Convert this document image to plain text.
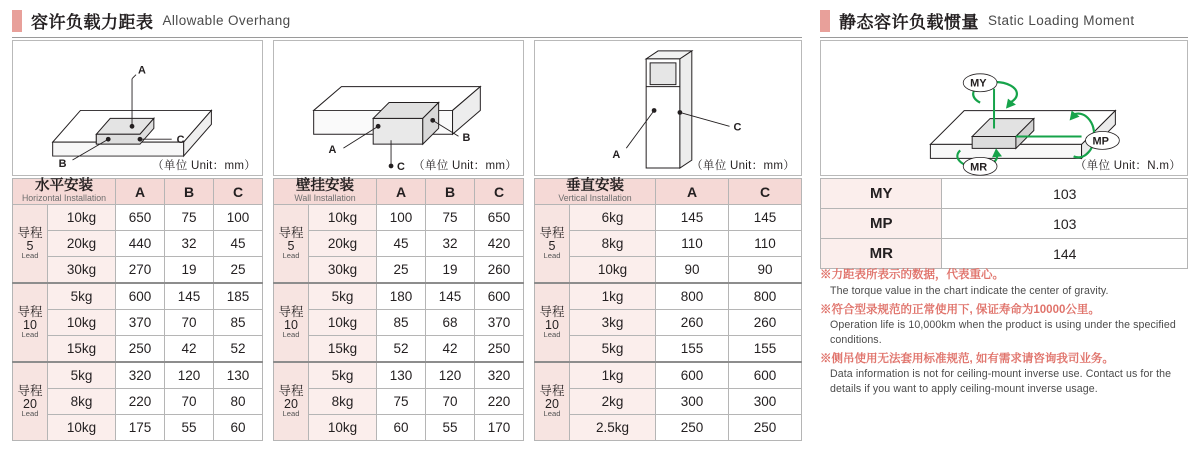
容许负载力距表 Allowable Overhang	静态容许负载惯量 Static Loading Moment
A
B
C
（单位 Unit：mm）
A
C
B
（单位 Unit：mm）
A
C
（单位 Unit：mm）
MY
MP
MR	（单位 Unit：N.m）
水平安装
Horizontal Installation		A	B	C
导程
5
Lead	10kg	650	75	100
	20kg	440	32	45
	30kg	270	19	25
导程
10
Lead	5kg	600	145	185
	10kg	370	70	85
	15kg	250	42	52
导程
20
Lead	5kg	320	120	130
	8kg	220	70	80
	10kg	175	55	60
壁挂安装
Wall Installation		A	B	C
导程
5
Lead	10kg	100	75	650
	20kg	45	32	420
	30kg	25	19	260
导程
10
Lead	5kg	180	145	600
	10kg	85	68	370
	15kg	52	42	250
导程
20
Lead	5kg	130	120	320
	8kg	75	70	220
	10kg	60	55	170
垂直安装
Vertical Installation		A	C
导程
5
Lead	6kg	145	145
	8kg	110	110
	10kg	90	90
导程
10
Lead	1kg	800	800
	3kg	260	260
	5kg	155	155
导程
20
Lead	1kg	600	600
	2kg	300	300
	2.5kg	250	250
MY	103
MP	103
MR	144
※力距表所表示的数据，代表重心。
The torque value in the chart indicate the center of gravity.
※符合型录规范的正常使用下, 保证寿命为10000公里。
Operation life is 10,000km when the product is using under the specified conditions.
※侧吊使用无法套用标准规范, 如有需求请咨询我司业务。
Data information is not for ceiling-mount inverse use. Contact us for the details if you want to apply ceiling-mount inverse usage.
